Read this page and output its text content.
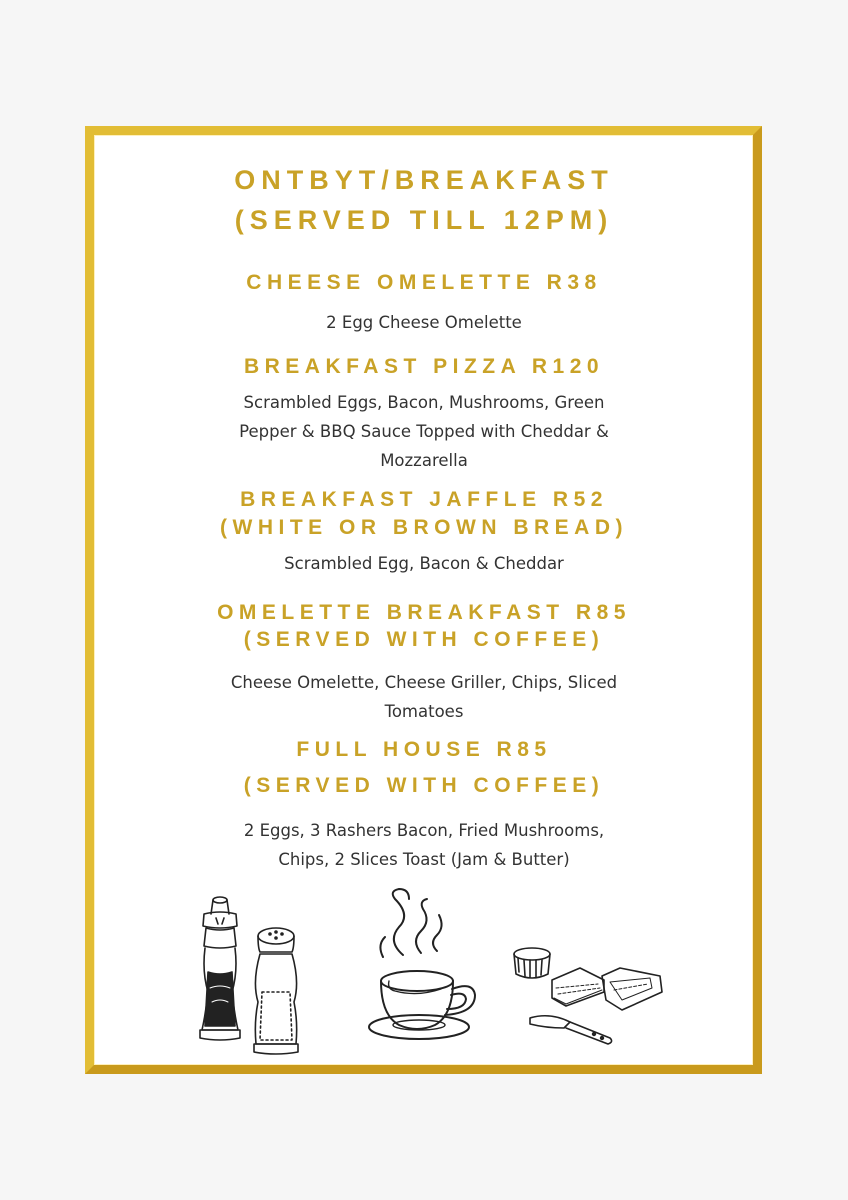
ONTBYT/BREAKFAST
(SERVED TILL 12PM)
CHEESE OMELETTE R38
2 Egg Cheese Omelette
BREAKFAST PIZZA R120
Scrambled Eggs, Bacon, Mushrooms, Green
Pepper & BBQ Sauce Topped with Cheddar &
Mozzarella
BREAKFAST JAFFLE R52
(WHITE OR BROWN BREAD)
Scrambled Egg, Bacon & Cheddar
OMELETTE BREAKFAST R85
(SERVED WITH COFFEE)
Cheese Omelette, Cheese Griller, Chips, Sliced
Tomatoes
FULL HOUSE R85
(SERVED WITH COFFEE)
2 Eggs, 3 Rashers Bacon, Fried Mushrooms,
Chips, 2 Slices Toast (Jam & Butter)
